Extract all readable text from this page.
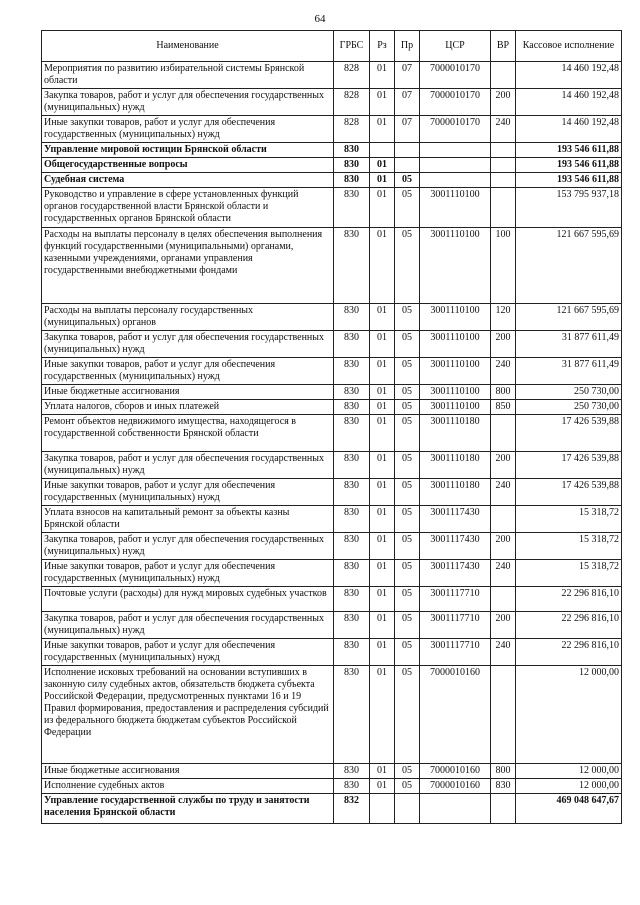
64
Наименование	ГРБС	Рз	Пр	ЦСР	ВР	Кассовое исполнение
Мероприятия по развитию избирательной системы Брянской области	828	01	07	7000010170		14 460 192,48
Закупка товаров, работ и услуг для обеспечения государственных (муниципальных) нужд	828	01	07	7000010170	200	14 460 192,48
Иные закупки товаров, работ и услуг для обеспечения государственных (муниципальных) нужд	828	01	07	7000010170	240	14 460 192,48
Управление мировой юстиции Брянской области	830					193 546 611,88
Общегосударственные вопросы	830	01				193 546 611,88
Судебная система	830	01	05			193 546 611,88
Руководство и управление в сфере установленных функций органов государственной власти Брянской области и государственных органов Брянской области	830	01	05	3001110100		153 795 937,18
Расходы на выплаты персоналу в целях обеспечения выполнения функций государственными (муниципальными) органами, казенными учреждениями, органами управления государственными внебюджетными фондами	830	01	05	3001110100	100	121 667 595,69
Расходы на выплаты персоналу государственных (муниципальных) органов	830	01	05	3001110100	120	121 667 595,69
Закупка товаров, работ и услуг для обеспечения государственных (муниципальных) нужд	830	01	05	3001110100	200	31 877 611,49
Иные закупки товаров, работ и услуг для обеспечения государственных (муниципальных) нужд	830	01	05	3001110100	240	31 877 611,49
Иные бюджетные ассигнования	830	01	05	3001110100	800	250 730,00
Уплата налогов, сборов и иных платежей	830	01	05	3001110100	850	250 730,00
Ремонт объектов недвижимого имущества, находящегося в государственной собственности Брянской области	830	01	05	3001110180		17 426 539,88
Закупка товаров, работ и услуг для обеспечения государственных (муниципальных) нужд	830	01	05	3001110180	200	17 426 539,88
Иные закупки товаров, работ и услуг для обеспечения государственных (муниципальных) нужд	830	01	05	3001110180	240	17 426 539,88
Уплата взносов на капитальный ремонт за объекты казны Брянской области	830	01	05	3001117430		15 318,72
Закупка товаров, работ и услуг для обеспечения государственных (муниципальных) нужд	830	01	05	3001117430	200	15 318,72
Иные закупки товаров, работ и услуг для обеспечения государственных (муниципальных) нужд	830	01	05	3001117430	240	15 318,72
Почтовые услуги (расходы) для нужд мировых судебных участков	830	01	05	3001117710		22 296 816,10
Закупка товаров, работ и услуг для обеспечения государственных (муниципальных) нужд	830	01	05	3001117710	200	22 296 816,10
Иные закупки товаров, работ и услуг для обеспечения государственных (муниципальных) нужд	830	01	05	3001117710	240	22 296 816,10
Исполнение исковых требований на основании вступивших в законную силу судебных актов, обязательств бюджета субъекта Российской Федерации, предусмотренных пунктами 16 и 19 Правил формирования, предоставления и распределения субсидий из федерального бюджета бюджетам субъектов Российской Федерации	830	01	05	7000010160		12 000,00
Иные бюджетные ассигнования	830	01	05	7000010160	800	12 000,00
Исполнение судебных актов	830	01	05	7000010160	830	12 000,00
Управление государственной службы по труду и занятости населения Брянской области	832					469 048 647,67
